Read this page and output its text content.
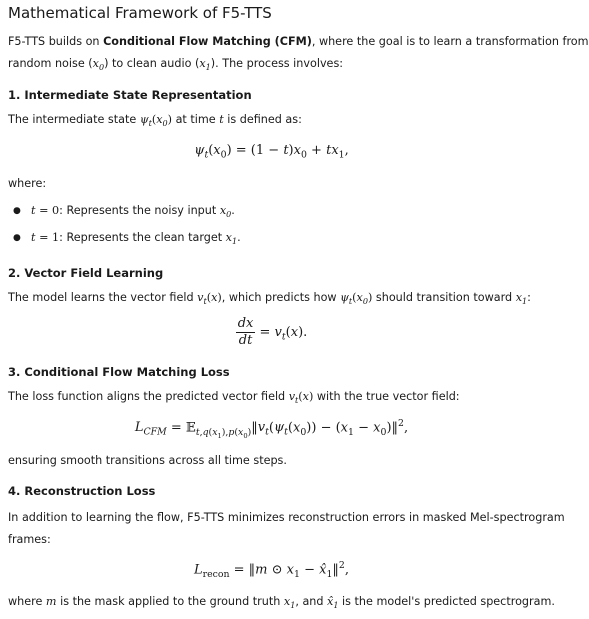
Mathematical Framework of F5-TTS
F5-TTS builds on Conditional Flow Matching (CFM), where the goal is to learn a transformation from
random noise $(x_0)$ to clean audio $(x_1)$. The process involves:
1. Intermediate State Representation
The intermediate state $\psi_t(x_0)$ at time t is defined as:
$\psi_t(x_0) = (1 - t)x_0 + tx_1$,
where:
● t = 0: Represents the noisy input $x_0$.
● t = 1: Represents the clean target $x_1$.
2. Vector Field Learning
The model learns the vector field $v_t(x)$, which predicts how $\psi_t(x_0)$ should transition toward $x_1$:
$\frac{dx}{dt} = v_t(x)$.
3. Conditional Flow Matching Loss
The loss function aligns the predicted vector field $v_t(x)$ with the true vector field:
$L_{CFM}$ = $𝔼_{t,q(x_1),p(x_0)}‖v_t(\psi_t(x_0)) - (x_1$ − $x_0)‖^2$,
ensuring smooth transitions across all time steps.
4. Reconstruction Loss
In addition to learning the flow, F5-TTS minimizes reconstruction errors in masked Mel-spectrogram
frames:
$L_{recon}$ = ‖m ⊙ $x_1$ − $x̂_1‖^2$,
where m is the mask applied to the ground truth $x_1$, and $x̂_1$ is the model's predicted spectrogram.
